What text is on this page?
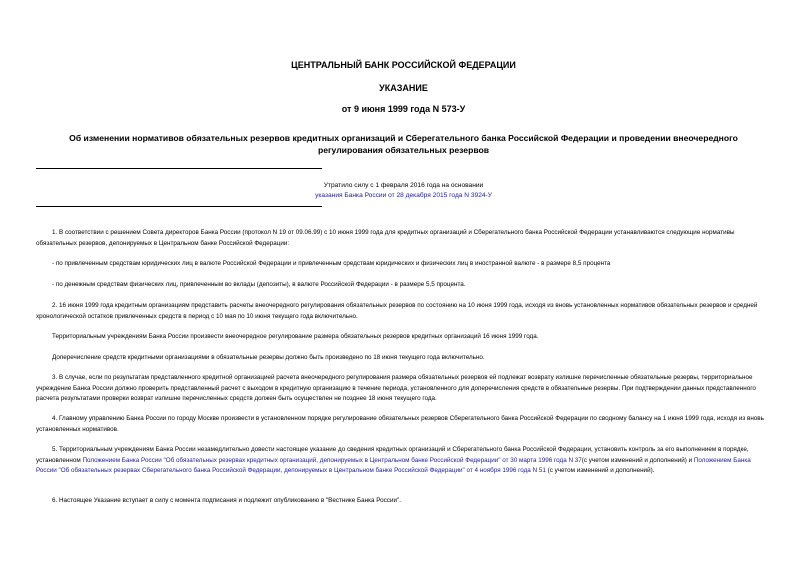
ЦЕНТРАЛЬНЫЙ БАНК РОССИЙСКОЙ ФЕДЕРАЦИИ
УКАЗАНИЕ
от 9 июня 1999 года N 573-У
Об изменении нормативов обязательных резервов кредитных организаций и Сберегательного банка Российской Федерации и проведении внеочередного регулирования обязательных резервов
Утратило силу с 1 февраля 2016 года на основании
указания Банка России от 28 декабря 2015 года N 3924-У

1. В соответствии с решением Совета директоров Банка России (протокол N 19 от 09.06.99) с 10 июня 1999 года для кредитных организаций и Сберегательного банка Российской Федерации устанавливаются следующие нормативы обязательных резервов, депонируемых в Центральном банке Российской Федерации:

- по привлеченным средствам юридических лиц в валюте Российской Федерации и привлеченным средствам юридических и физических лиц в иностранной валюте - в размере 8,5 процента

- по денежным средствам физических лиц, привлеченным во вклады (депозиты), в валюте Российской Федерации - в размере 5,5 процента.

2. 16 июня 1999 года кредитным организациям представить расчеты внеочередного регулирования обязательных резервов по состоянию на 10 июня 1999 года, исходя из вновь установленных нормативов обязательных резервов и средней хронологической остатков привлеченных средств в период с 10 мая по 10 июня текущего года включительно.

Территориальным учреждениям Банка России произвести внеочередное регулирование размера обязательных резервов кредитных организаций 16 июня 1999 года.

Доперечисление средств кредитными организациями в обязательные резервы должно быть произведено по 18 июня текущего года включительно.

3. В случае, если по результатам представленного кредитной организацией расчета внеочередного регулирования размера обязательных резервов ей подлежат возврату излишне перечисленные обязательные резервы, территориальное учреждение Банка России должно проверить представленный расчет с выходом в кредитную организацию в течение периода, установленного для доперечисления средств в обязательные резервы. При подтверждении данных представленного расчета результатами проверки возврат излишне перечисленных средств должен быть осуществлен не позднее 18 июня текущего года.

4. Главному управлению Банка России по городу Москве произвести в установленном порядке регулирование обязательных резервов Сберегательного банка Российской Федерации по сводному балансу на 1 июня 1999 года, исходя из вновь установленных нормативов.

5. Территориальным учреждениям Банка России незамедлительно довести настоящее указание до сведения кредитных организаций и Сберегательного банка Российской Федерации, установить контроль за его выполнением в порядке, установленном Положением Банка России "Об обязательных резервах кредитных организаций, депонируемых в Центральном банке Российской Федерации" от 30 марта 1996 года N 37(с учетом изменений и дополнений) и Положением Банка России "Об обязательных резервах Сберегательного банка Российской Федерации, депонируемых в Центральном банке Российской Федерации" от 4 ноября 1996 года N 51 (с учетом изменений и дополнений).

6. Настоящее Указание вступает в силу с момента подписания и подлежит опубликованию в "Вестнике Банка России".
